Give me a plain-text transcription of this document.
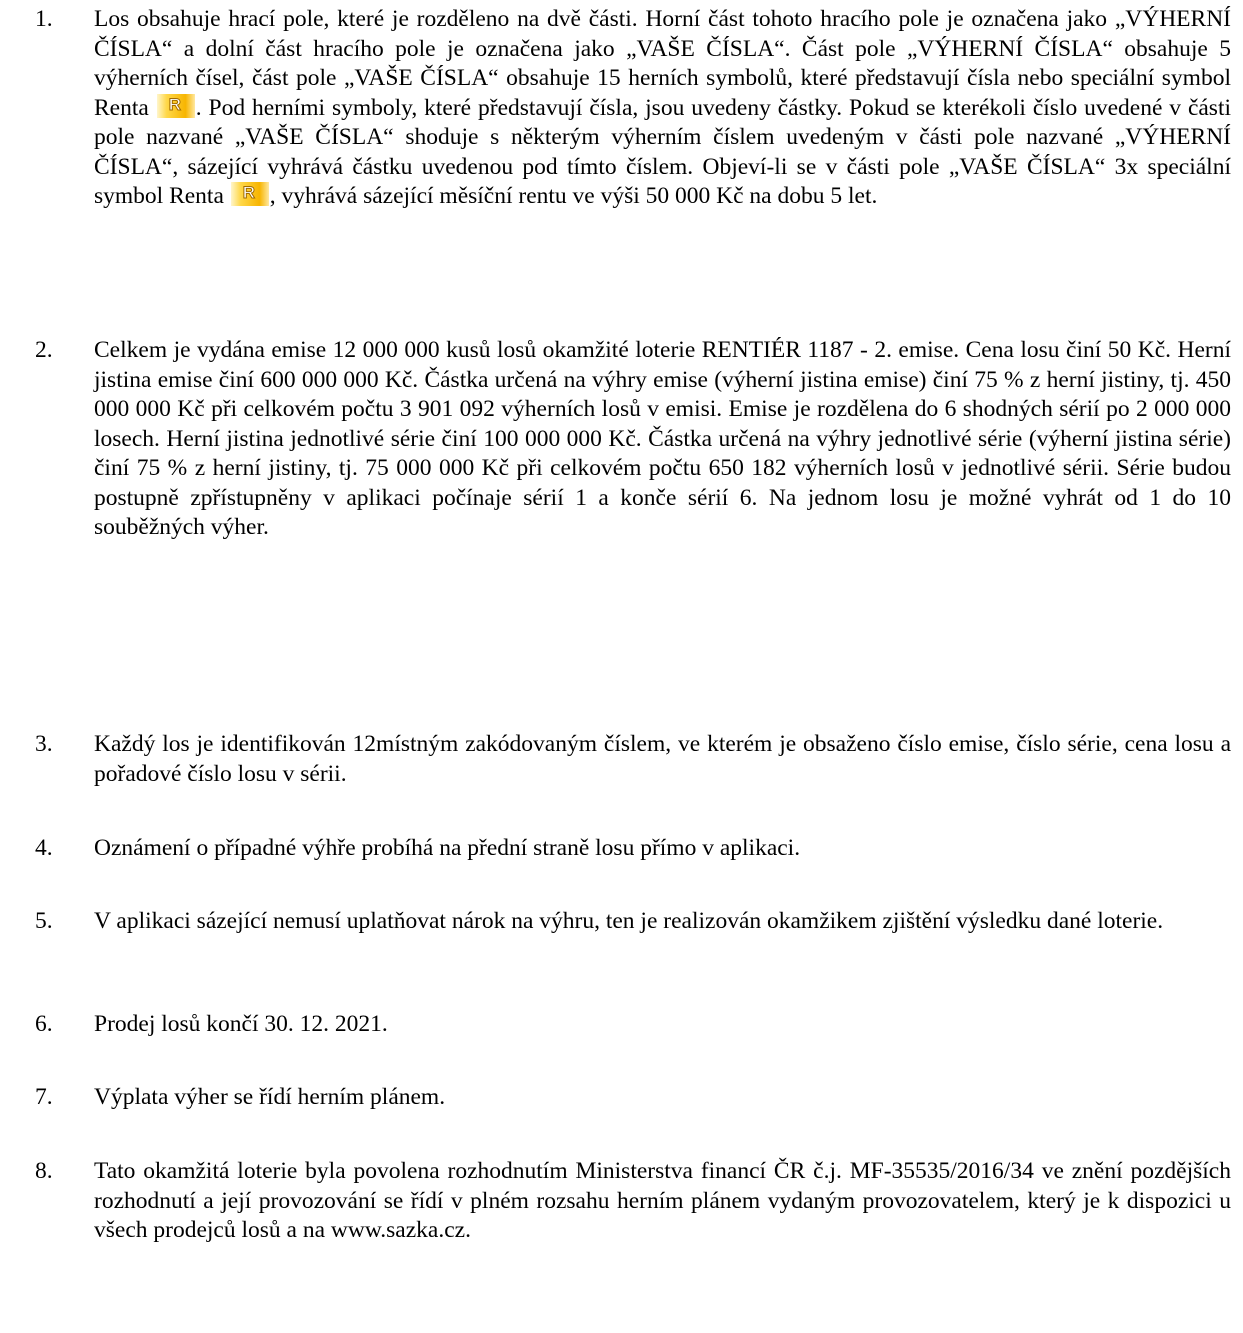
1. Los obsahuje hrací pole, které je rozděleno na dvě části. Horní část tohoto hracího pole je označena jako „VÝHERNÍ ČÍSLA“ a dolní část hracího pole je označena jako „VAŠE ČÍSLA“. Část pole „VÝHERNÍ ČÍSLA“ obsahuje 5 výherních čísel, část pole „VAŠE ČÍSLA“ obsahuje 15 herních symbolů, které představují čísla nebo speciální symbol Renta R . Pod herními symboly, které představují čísla, jsou uvedeny částky. Pokud se kterékoli číslo uvedené v části pole nazvané „VAŠE ČÍSLA“ shoduje s některým výherním číslem uvedeným v části pole nazvané „VÝHERNÍ ČÍSLA“, sázející vyhrává částku uvedenou pod tímto číslem. Objeví-li se v části pole „VAŠE ČÍSLA“ 3x speciální symbol Renta R , vyhrává sázející měsíční rentu ve výši 50 000 Kč na dobu 5 let.
2. Celkem je vydána emise 12 000 000 kusů losů okamžité loterie RENTIÉR 1187 - 2. emise. Cena losu činí 50 Kč. Herní jistina emise činí 600 000 000 Kč. Částka určená na výhry emise (výherní jistina emise) činí 75 % z herní jistiny, tj. 450 000 000 Kč při celkovém počtu 3 901 092 výherních losů v emisi. Emise je rozdělena do 6 shodných sérií po 2 000 000 losech. Herní jistina jednotlivé série činí 100 000 000 Kč. Částka určená na výhry jednotlivé série (výherní jistina série) činí 75 % z herní jistiny, tj. 75 000 000 Kč při celkovém počtu 650 182 výherních losů v jednotlivé sérii. Série budou postupně zpřístupněny v aplikaci počínaje sérií 1 a konče sérií 6. Na jednom losu je možné vyhrát od 1 do 10 souběžných výher.
3. Každý los je identifikován 12místným zakódovaným číslem, ve kterém je obsaženo číslo emise, číslo série, cena losu a pořadové číslo losu v sérii.
4. Oznámení o případné výhře probíhá na přední straně losu přímo v aplikaci.
5. V aplikaci sázející nemusí uplatňovat nárok na výhru, ten je realizován okamžikem zjištění výsledku dané loterie.
6. Prodej losů končí 30. 12. 2021.
7. Výplata výher se řídí herním plánem.
8. Tato okamžitá loterie byla povolena rozhodnutím Ministerstva financí ČR č.j. MF-35535/2016/34 ve znění pozdějších rozhodnutí a její provozování se řídí v plném rozsahu herním plánem vydaným provozovatelem, který je k dispozici u všech prodejců losů a na www.sazka.cz.
